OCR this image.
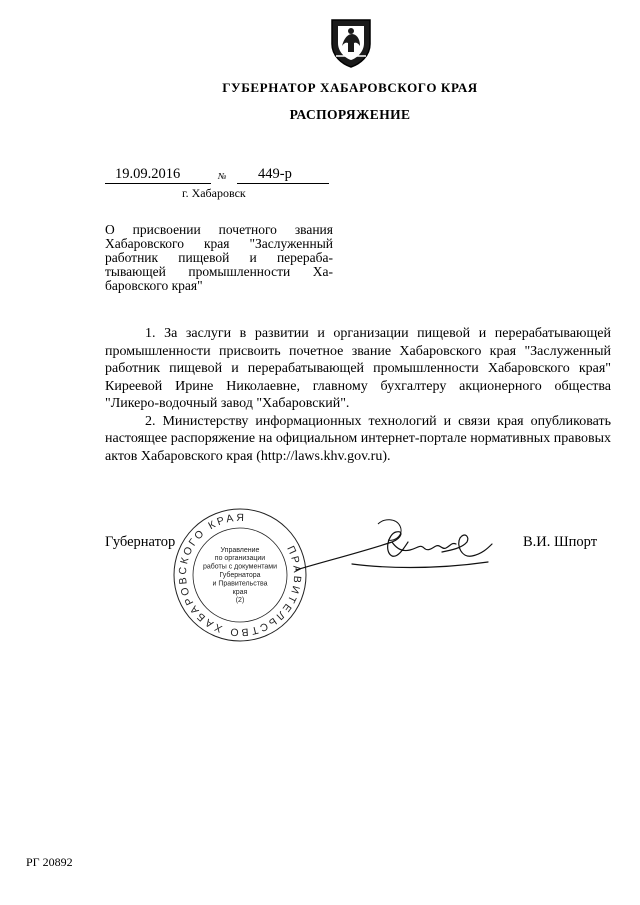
ГУБЕРНАТОР ХАБАРОВСКОГО КРАЯ
РАСПОРЯЖЕНИЕ
19.09.2016	№ 449-р
г. Хабаровск
О присвоении почетного звания
Хабаровского края "Заслуженный
работник пищевой и перераба-
тывающей промышленности Ха-
баровского края"

1. За заслуги в развитии и организации пищевой и перерабатывающей промышленности присвоить почетное звание Хабаровского края "Заслуженный работник пищевой и перерабатывающей промышленности Хабаровского края" Киреевой Ирине Николаевне, главному бухгалтеру акционерного общества "Ликеро-водочный завод "Хабаровский".

2. Министерству информационных технологий и связи края опубликовать настоящее распоряжение на официальном интернет-портале нормативных правовых актов Хабаровского края (http://laws.khv.gov.ru).

Губернатор	В.И. Шпорт
ПРАВИТЕЛЬСТВО ХАБАРОВСКОГО КРАЯ
Управление
по организации
работы с документами
Губернатора
и Правительства
края
(2)
РГ 20892
